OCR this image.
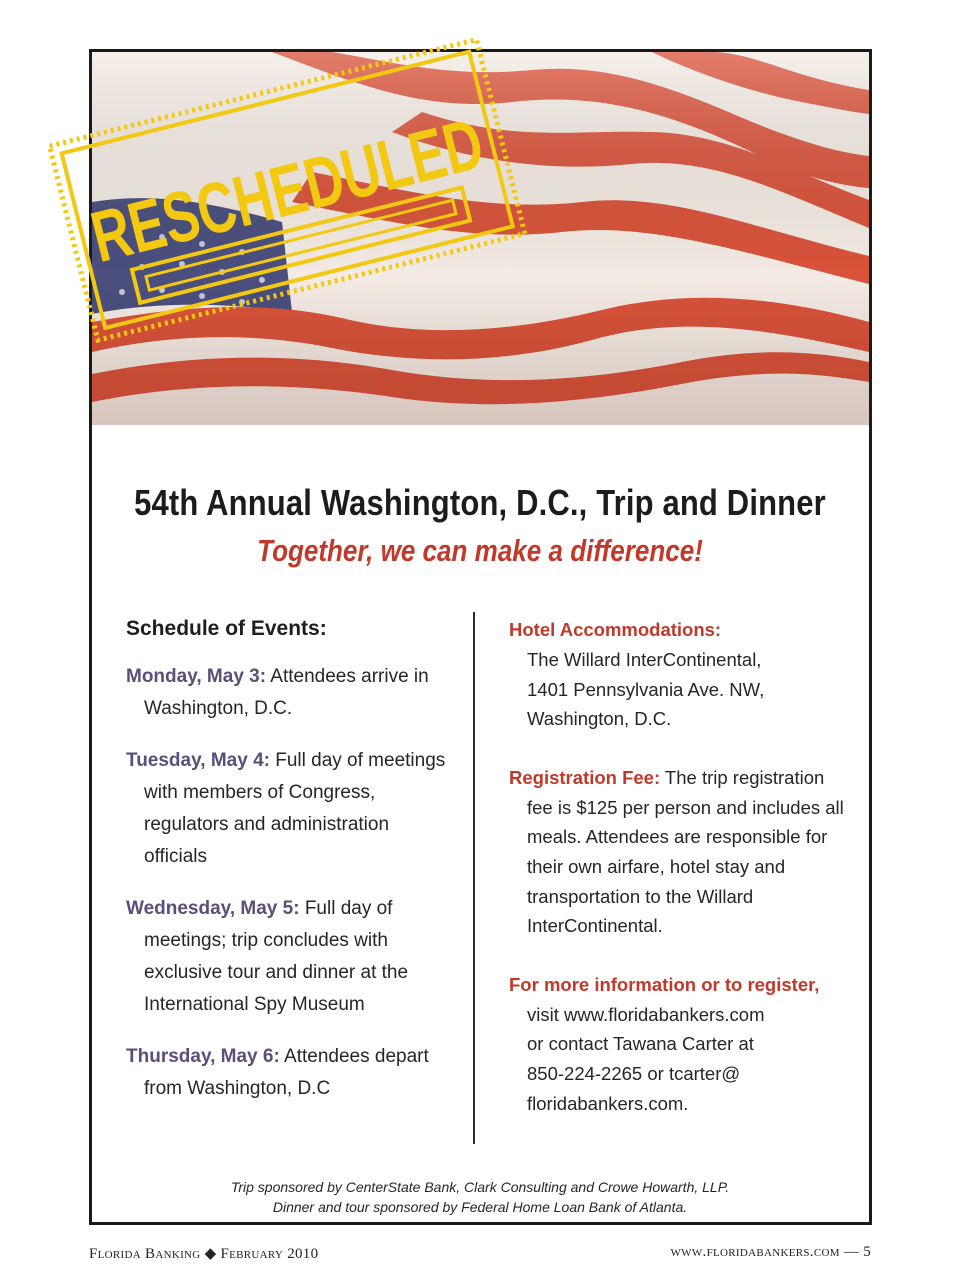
RESCHEDULED
54th Annual Washington, D.C., Trip and Dinner
Together, we can make a difference!
Schedule of Events:
Monday, May 3: Attendees arrive in Washington, D.C.
Tuesday, May 4: Full day of meetings with members of Congress, regulators and administration officials
Wednesday, May 5: Full day of meetings; trip concludes with exclusive tour and dinner at the International Spy Museum
Thursday, May 6: Attendees depart from Washington, D.C
Hotel Accommodations:
The Willard InterContinental,
1401 Pennsylvania Ave. NW,
Washington, D.C.
Registration Fee: The trip registration fee is $125 per person and includes all meals. Attendees are responsible for their own airfare, hotel stay and transportation to the Willard InterContinental.
For more information or to register,
visit www.floridabankers.com
or contact Tawana Carter at
850-224-2265 or tcarter@
floridabankers.com.
Trip sponsored by CenterState Bank, Clark Consulting and Crowe Howarth, LLP.
Dinner and tour sponsored by Federal Home Loan Bank of Atlanta.
Florida Banking ◆ February 2010	www.floridabankers.com — 5
